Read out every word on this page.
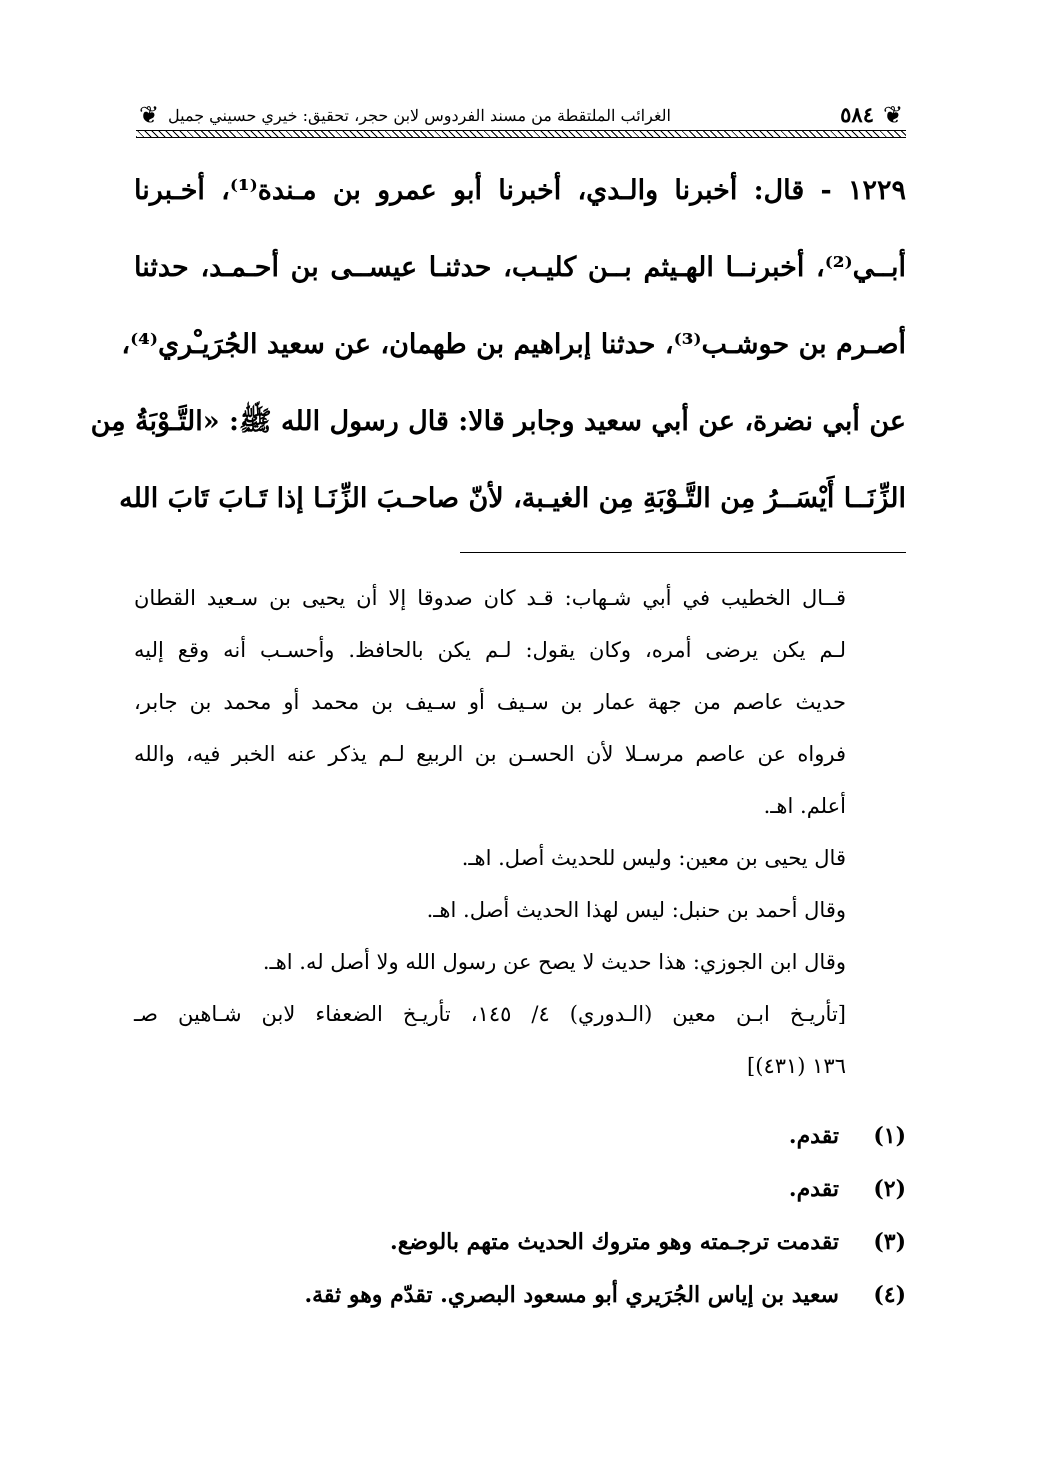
❦
٥٨٤
الغرائب الملتقطة من مسند الفردوس لابن حجر، تحقيق: خيري حسيني جميل
❦
١٢٢٩ - قال: أخبرنا والـدي، أخبرنا أبو عمرو بن مـندة⁽¹⁾، أخـبرنا
أبــي⁽²⁾، أخبرنــا الهـيثم بــن كليـب، حدثنـا عيســى بن أحـمـد، حدثنا
أصـرم بن حوشـب⁽³⁾، حدثنا إبراهيم بن طهمان، عن سعيد الجُرَيـْري⁽⁴⁾،
عن أبي نضرة، عن أبي سعيد وجابر قالا: قال رسول الله ﷺ: «التَّـوْبَةُ مِن
الزِّنَــا أَيْسَــرُ مِن التَّـوْبَةِ مِن الغيـبة، لأنّ صاحـبَ الزِّنَـا إذا تَـابَ تَابَ الله
قــال الخطيب في أبي شـهاب: قـد كان صدوقا إلا أن يحيى بن سـعيد القطان
لـم يكن يرضى أمره، وكان يقول: لـم يكن بالحافظ. وأحسـب أنه وقع إليه
حديث عاصم من جهة عمار بن سـيف أو سـيف بن محمد أو محمد بن جابر،
فرواه عن عاصم مرسـلا لأن الحسـن بن الربيع لـم يذكر عنه الخبر فيه، والله
أعلم. اهـ.
قال يحيى بن معين: وليس للحديث أصل. اهـ.
وقال أحمد بن حنبل: ليس لهذا الحديث أصل. اهـ.
وقال ابن الجوزي: هذا حديث لا يصح عن رسول الله ولا أصل له. اهـ.
[تأريـخ ابـن معين (الـدوري) ٤/ ١٤٥، تأريـخ الضعفاء لابن شـاهين صـ
١٣٦ (٤٣١)]
(١) تقدم.
(٢) تقدم.
(٣) تقدمت ترجـمته وهو متروك الحديث متهم بالوضع.
(٤) سعيد بن إياس الجُرَيري أبو مسعود البصري. تقدّم وهو ثقة.
